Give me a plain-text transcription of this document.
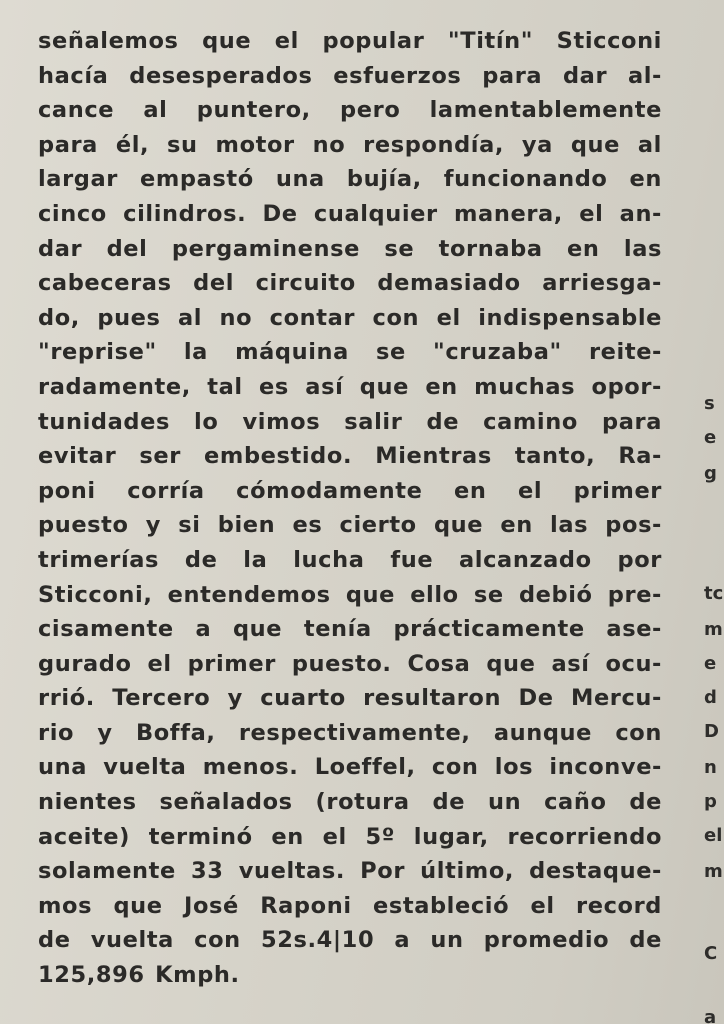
señalemos que el popular "Titín" Sticconi
hacía desesperados esfuerzos para dar al-
cance al puntero, pero lamentablemente
para él, su motor no respondía, ya que al
largar empastó una bujía, funcionando en
cinco cilindros. De cualquier manera, el an-
dar del pergaminense se tornaba en las
cabeceras del circuito demasiado arriesga-
do, pues al no contar con el indispensable
"reprise" la máquina se "cruzaba" reite-
radamente, tal es así que en muchas opor-
tunidades lo vimos salir de camino para
evitar ser embestido. Mientras tanto, Ra-
poni corría cómodamente en el primer
puesto y si bien es cierto que en las pos-
trimerías de la lucha fue alcanzado por
Sticconi, entendemos que ello se debió pre-
cisamente a que tenía prácticamente ase-
gurado el primer puesto. Cosa que así ocu-
rrió. Tercero y cuarto resultaron De Mercu-
rio y Boffa, respectivamente, aunque con
una vuelta menos. Loeffel, con los inconve-
nientes señalados (rotura de un caño de
aceite) terminó en el 5º lugar, recorriendo
solamente 33 vueltas. Por último, destaque-
mos que José Raponi estableció el record
de vuelta con 52s.4|10 a un promedio de
125,896 Kmph.
s
e
g
tc
m
e
d
D
n
p
el
m
C
a
